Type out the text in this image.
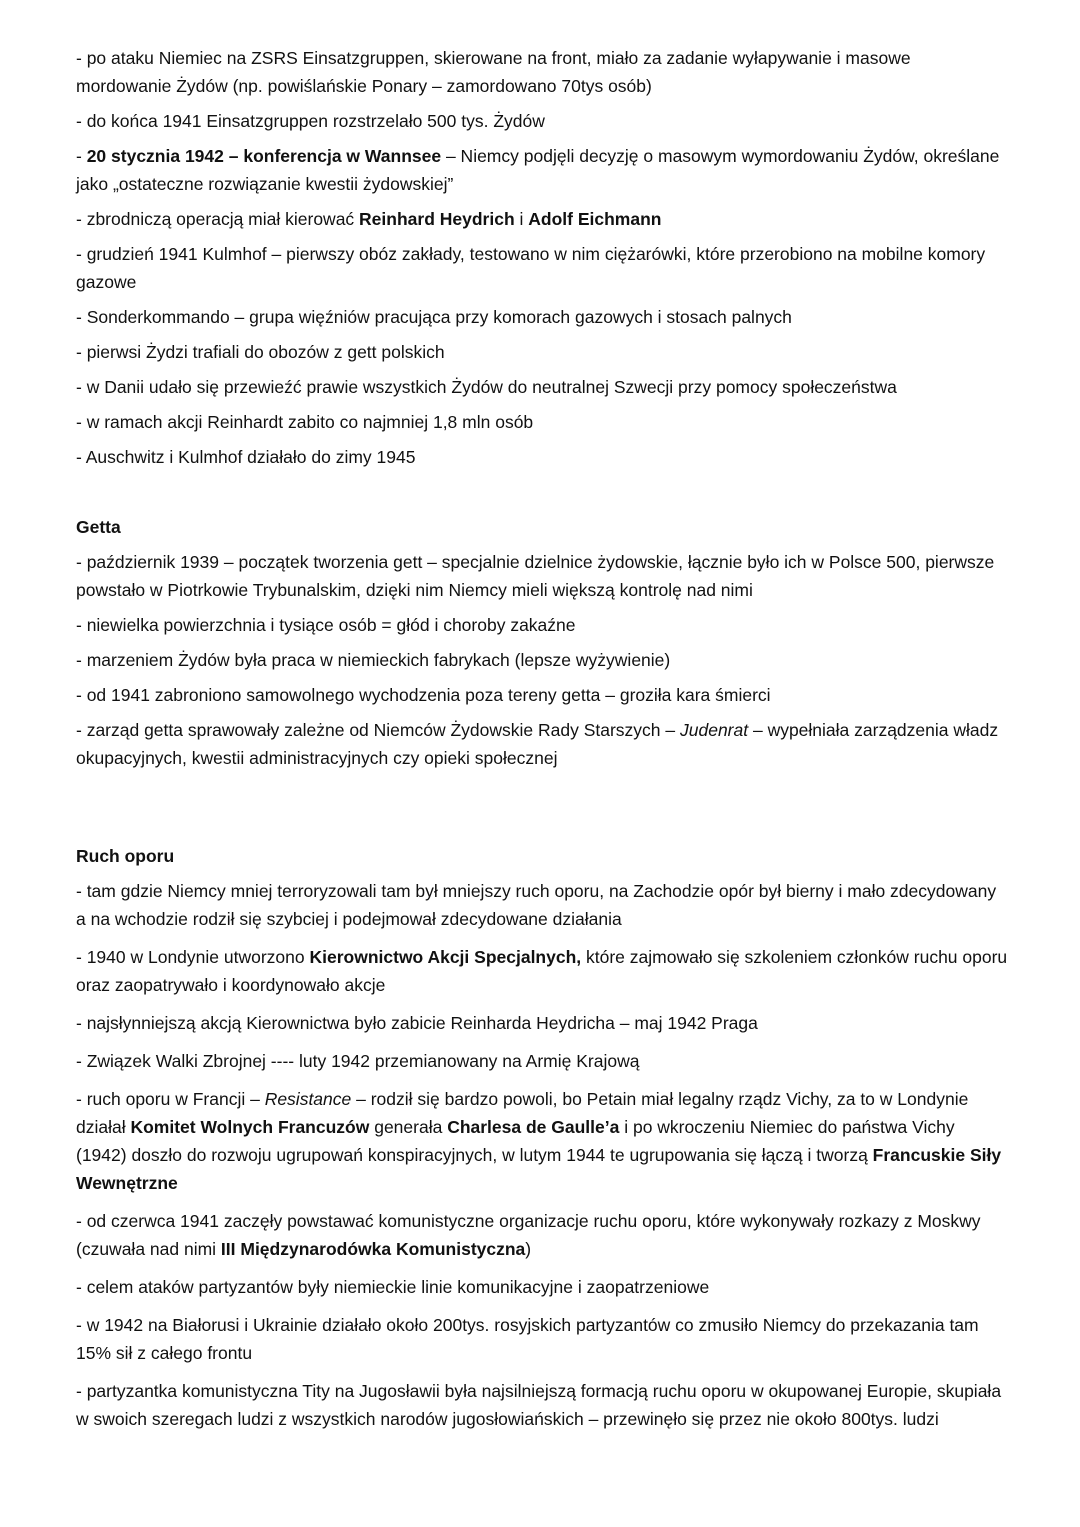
- po ataku Niemiec na ZSRS Einsatzgruppen, skierowane na front, miało za zadanie wyłapywanie i masowe mordowanie Żydów (np. powiślańskie Ponary – zamordowano 70tys osób)
- do końca 1941 Einsatzgruppen rozstrzelało 500 tys. Żydów
- 20 stycznia 1942 – konferencja w Wannsee – Niemcy podjęli decyzję o masowym wymordowaniu Żydów, określane jako „ostateczne rozwiązanie kwestii żydowskiej”
- zbrodniczą operacją miał kierować Reinhard Heydrich i Adolf Eichmann
- grudzień 1941 Kulmhof – pierwszy obóz zakłady, testowano w nim ciężarówki, które przerobiono na mobilne komory gazowe
- Sonderkommando – grupa więźniów pracująca przy komorach gazowych i stosach palnych
- pierwsi Żydzi trafiali do obozów z gett polskich
- w Danii udało się przewieźć prawie wszystkich Żydów do neutralnej Szwecji przy pomocy społeczeństwa
- w ramach akcji Reinhardt zabito co najmniej 1,8 mln osób
- Auschwitz i Kulmhof działało do zimy 1945
Getta
- październik 1939 – początek tworzenia gett – specjalnie dzielnice żydowskie, łącznie było ich w Polsce 500, pierwsze powstało w Piotrkowie Trybunalskim, dzięki nim Niemcy mieli większą kontrolę nad nimi
- niewielka powierzchnia i tysiące osób = głód i choroby zakaźne
- marzeniem Żydów była praca w niemieckich fabrykach (lepsze wyżywienie)
- od 1941 zabroniono samowolnego wychodzenia poza tereny getta – groziła kara śmierci
- zarząd getta sprawowały zależne od Niemców Żydowskie Rady Starszych – Judenrat – wypełniała zarządzenia władz okupacyjnych, kwestii administracyjnych czy opieki społecznej
Ruch oporu
- tam gdzie Niemcy mniej terroryzowali tam był mniejszy ruch oporu, na Zachodzie opór był bierny i mało zdecydowany a na wchodzie rodził się szybciej i podejmował zdecydowane działania
- 1940 w Londynie utworzono Kierownictwo Akcji Specjalnych, które zajmowało się szkoleniem członków ruchu oporu oraz zaopatrywało i koordynowało akcje
- najsłynniejszą akcją Kierownictwa było zabicie Reinharda Heydricha – maj 1942 Praga
- Związek Walki Zbrojnej ---- luty 1942 przemianowany na Armię Krajową
- ruch oporu w Francji – Resistance – rodził się bardzo powoli, bo Petain miał legalny rządz Vichy, za to w Londynie działał Komitet Wolnych Francuzów generała Charlesa de Gaulle’a i po wkroczeniu Niemiec do państwa Vichy (1942) doszło do rozwoju ugrupowań konspiracyjnych, w lutym 1944 te ugrupowania się łączą i tworzą Francuskie Siły Wewnętrzne
- od czerwca 1941 zaczęły powstawać komunistyczne organizacje ruchu oporu, które wykonywały rozkazy z Moskwy (czuwała nad nimi III Międzynarodówka Komunistyczna)
- celem ataków partyzantów były niemieckie linie komunikacyjne i zaopatrzeniowe
- w 1942 na Białorusi i Ukrainie działało około 200tys. rosyjskich partyzantów co zmusiło Niemcy do przekazania tam 15% sił z całego frontu
- partyzantka komunistyczna Tity na Jugosławii była najsilniejszą formacją ruchu oporu w okupowanej Europie, skupiała w swoich szeregach ludzi z wszystkich narodów jugosłowiańskich – przewinęło się przez nie około 800tys. ludzi
